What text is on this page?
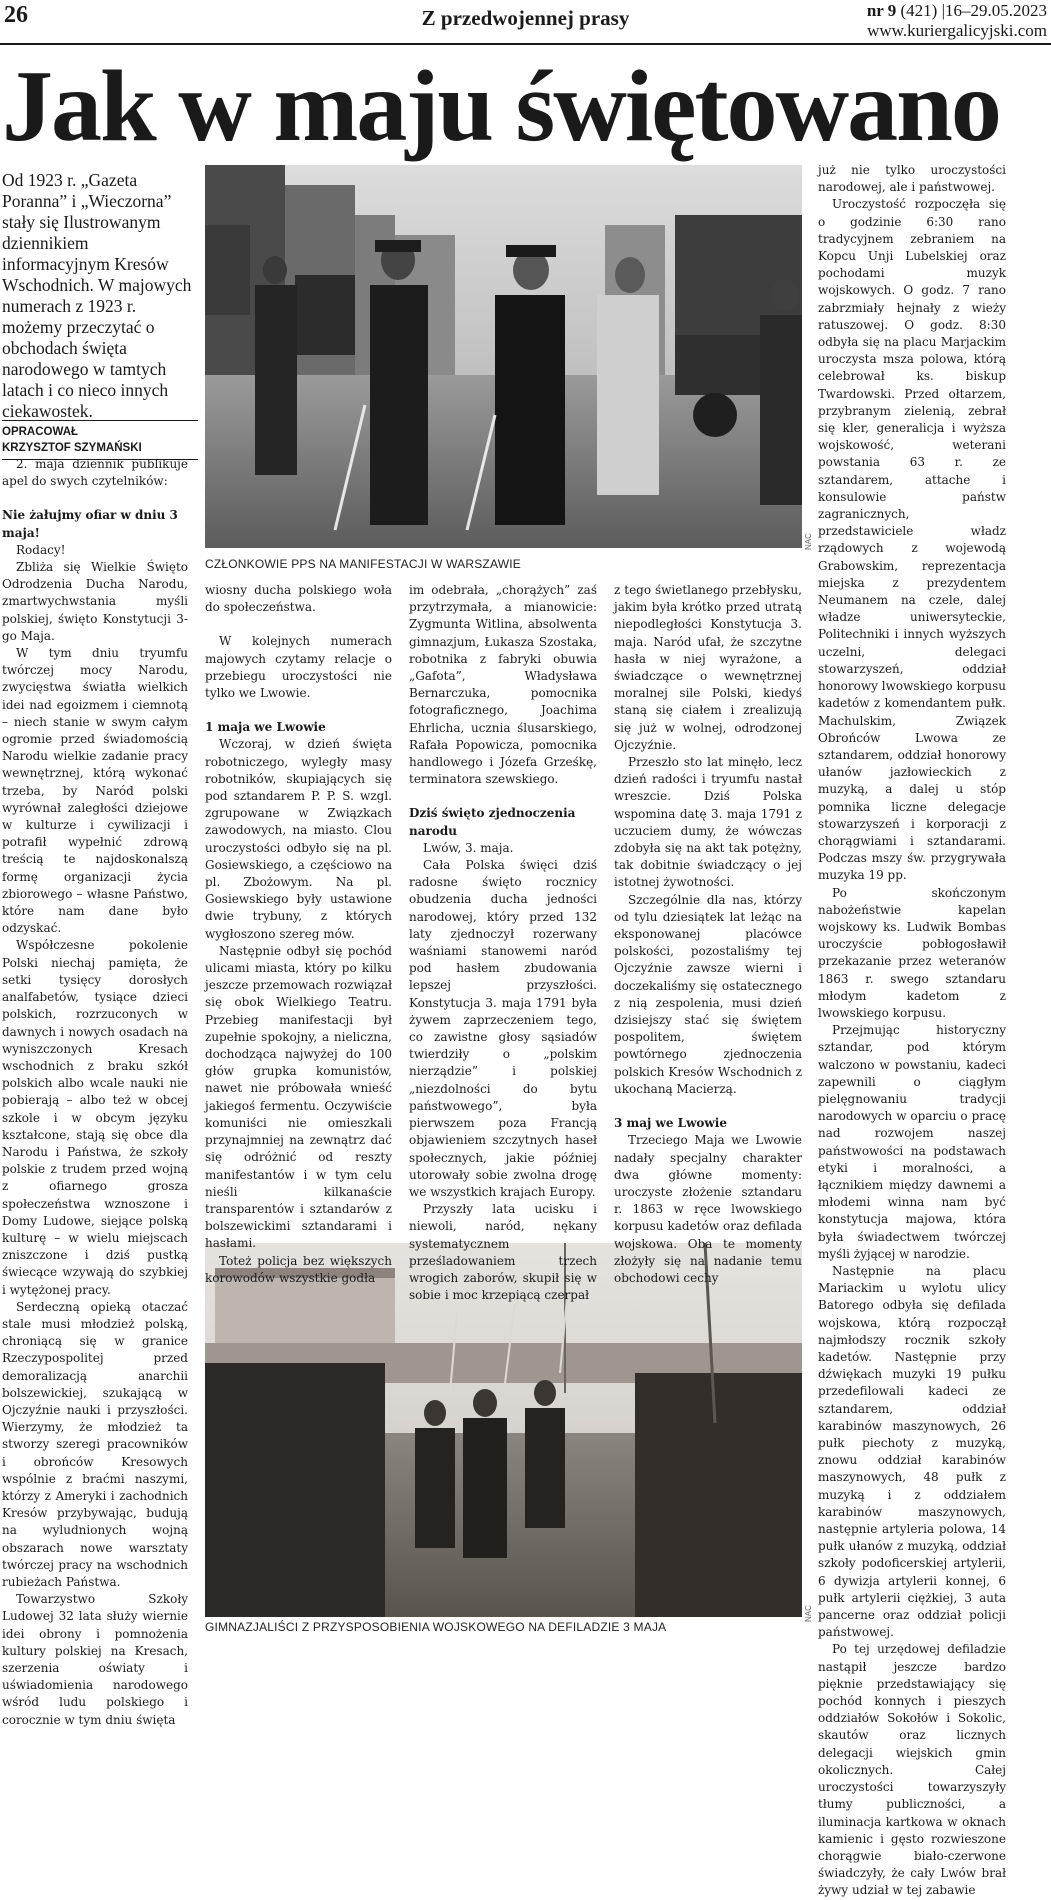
26	Z przedwojennej prasy	nr 9 (421) |16–29.05.2023
www.kuriergalicyjski.com
Jak w maju świętowano

Od 1923 r. „Gazeta Poranna” i „Wieczorna” stały się Ilustrowanym dziennikiem informacyjnym Kresów Wschodnich. W majowych numerach z 1923 r. możemy przeczytać o obchodach święta narodowego w tamtych latach i co nieco innych ciekawostek.

OPRACOWAŁ
KRZYSZTOF SZYMAŃSKI
NAC
CZŁONKOWIE PPS NA MANIFESTACJI W WARSZAWIE
NAC
GIMNAZJALIŚCI Z PRZYSPOSOBIENIA WOJSKOWEGO NA DEFILADZIE 3 MAJA

2. maja dziennik publikuje apel do swych czytelników:

Nie żałujmy ofiar w dniu 3 maja!

Rodacy!

Zbliża się Wielkie Święto Odrodzenia Ducha Narodu, zmartwychwstania myśli polskiej, święto Konstytucji 3-go Maja.

W tym dniu tryumfu twórczej mocy Narodu, zwycięstwa światła wielkich idei nad egoizmem i ciemnotą – niech stanie w swym całym ogromie przed świadomością Narodu wielkie zadanie pracy wewnętrznej, którą wykonać trzeba, by Naród polski wyrównał zaległości dziejowe w kulturze i cywilizacji i potrafił wypełnić zdrową treścią te najdoskonalszą formę organizacji życia zbiorowego – własne Państwo, które nam dane było odzyskać.

Współczesne pokolenie Polski niechaj pamięta, że setki tysięcy dorosłych analfabetów, tysiące dzieci polskich, rozrzuconych w dawnych i nowych osadach na wyniszczonych Kresach wschodnich z braku szkół polskich albo wcale nauki nie pobierają – albo też w obcej szkole i w obcym języku kształcone, stają się obce dla Narodu i Państwa, że szkoły polskie z trudem przed wojną z ofiarnego grosza społeczeństwa wznoszone i Domy Ludowe, siejące polską kulturę – w wielu miejscach zniszczone i dziś pustką świecące wzywają do szybkiej i wytężonej pracy.

Serdeczną opieką otaczać stale musi młodzież polską, chroniącą się w granice Rzeczypospolitej przed demoralizacją anarchii bolszewickiej, szukającą w Ojczyźnie nauki i przyszłości. Wierzymy, że młodzież ta stworzy szeregi pracowników i obrońców Kresowych wspólnie z braćmi naszymi, którzy z Ameryki i zachodnich Kresów przybywając, budują na wyludnionych wojną obszarach nowe warsztaty twórczej pracy na wschodnich rubieżach Państwa.

Towarzystwo Szkoły Ludowej 32 lata służy wiernie idei obrony i pomnożenia kultury polskiej na Kresach, szerzenia oświaty i uświadomienia narodowego wśród ludu polskiego i corocznie w tym dniu święta

wiosny ducha polskiego woła do społeczeństwa.

W kolejnych numerach majowych czytamy relacje o przebiegu uroczystości nie tylko we Lwowie.

1 maja we Lwowie

Wczoraj, w dzień święta robotniczego, wyległy masy robotników, skupiających się pod sztandarem P. P. S. wzgl. zgrupowane w Związkach zawodowych, na miasto. Clou uroczystości odbyło się na pl. Gosiewskiego, a częściowo na pl. Zbożowym. Na pl. Gosiewskiego były ustawione dwie trybuny, z których wygłoszono szereg mów.

Następnie odbył się pochód ulicami miasta, który po kilku jeszcze przemowach rozwiązał się obok Wielkiego Teatru. Przebieg manifestacji był zupełnie spokojny, a nieliczna, dochodząca najwyżej do 100 głów grupka komunistów, nawet nie próbowała wnieść jakiegoś fermentu. Oczywiście komuniści nie omieszkali przynajmniej na zewnątrz dać się odróżnić od reszty manifestantów i w tym celu nieśli kilkanaście transparentów i sztandarów z bolszewickimi sztandarami i hasłami.

Toteż policja bez większych korowodów wszystkie godła

im odebrała, „chorążych” zaś przytrzymała, a mianowicie: Zygmunta Witlina, absolwenta gimnazjum, Łukasza Szostaka, robotnika z fabryki obuwia „Gafota”, Władysława Bernarczuka, pomocnika fotograficznego, Joachima Ehrlicha, ucznia ślusarskiego, Rafała Popowicza, pomocnika handlowego i Józefa Grześkę, terminatora szewskiego.

Dziś święto zjednoczenia narodu

Lwów, 3. maja.

Cała Polska święci dziś radosne święto rocznicy obudzenia ducha jedności narodowej, który przed 132 laty zjednoczył rozerwany waśniami stanowemi naród pod hasłem zbudowania lepszej przyszłości. Konstytucja 3. maja 1791 była żywem zaprzeczeniem tego, co zawistne głosy sąsiadów twierdziły o „polskim nierządzie” i polskiej „niezdolności do bytu państwowego”, była pierwszem poza Francją objawieniem szczytnych haseł społecznych, jakie później utorowały sobie zwolna drogę we wszystkich krajach Europy.

Przyszły lata ucisku i niewoli, naród, nękany systematycznem prześladowaniem trzech wrogich zaborów, skupił się w sobie i moc krzepiącą czerpał

z tego świetlanego przebłysku, jakim była krótko przed utratą niepodległości Konstytucja 3. maja. Naród ufał, że szczytne hasła w niej wyrażone, a świadczące o wewnętrznej moralnej sile Polski, kiedyś staną się ciałem i zrealizują się już w wolnej, odrodzonej Ojczyźnie.

Przeszło sto lat minęło, lecz dzień radości i tryumfu nastał wreszcie. Dziś Polska wspomina datę 3. maja 1791 z uczuciem dumy, że wówczas zdobyła się na akt tak potężny, tak dobitnie świadczący o jej istotnej żywotności.

Szczególnie dla nas, którzy od tylu dziesiątek lat leżąc na eksponowanej placówce polskości, pozostaliśmy tej Ojczyźnie zawsze wierni i doczekaliśmy się ostatecznego z nią zespolenia, musi dzień dzisiejszy stać się świętem pospolitem, świętem powtórnego zjednoczenia polskich Kresów Wschodnich z ukochaną Macierzą.

3 maj we Lwowie

Trzeciego Maja we Lwowie nadały specjalny charakter dwa główne momenty: uroczyste złożenie sztandaru r. 1863 w ręce lwowskiego korpusu kadetów oraz defilada wojskowa. Oba te momenty złożyły się na nadanie temu obchodowi cechy

już nie tylko uroczystości narodowej, ale i państwowej.

Uroczystość rozpoczęła się o godzinie 6:30 rano tradycyjnem zebraniem na Kopcu Unji Lubelskiej oraz pochodami muzyk wojskowych. O godz. 7 rano zabrzmiały hejnały z wieży ratuszowej. O godz. 8:30 odbyła się na placu Marjackim uroczysta msza polowa, którą celebrował ks. biskup Twardowski. Przed ołtarzem, przybranym zielenią, zebrał się kler, generalicja i wyższa wojskowość, weterani powstania 63 r. ze sztandarem, attache i konsulowie państw zagranicznych, przedstawiciele władz rządowych z wojewodą Grabowskim, reprezentacja miejska z prezydentem Neumanem na czele, dalej władze uniwersyteckie, Politechniki i innych wyższych uczelni, delegaci stowarzyszeń, oddział honorowy lwowskiego korpusu kadetów z komendantem pułk. Machulskim, Związek Obrońców Lwowa ze sztandarem, oddział honorowy ułanów jazłowieckich z muzyką, a dalej u stóp pomnika liczne delegacje stowarzyszeń i korporacji z chorągwiami i sztandarami. Podczas mszy św. przygrywała muzyka 19 pp.

Po skończonym nabożeństwie kapelan wojskowy ks. Ludwik Bombas uroczyście pobłogosławił przekazanie przez weteranów 1863 r. swego sztandaru młodym kadetom z lwowskiego korpusu.

Przejmując historyczny sztandar, pod którym walczono w powstaniu, kadeci zapewnili o ciągłym pielęgnowaniu tradycji narodowych w oparciu o pracę nad rozwojem naszej państwowości na podstawach etyki i moralności, a łącznikiem między dawnemi a młodemi winna nam być konstytucja majowa, która była świadectwem twórczej myśli żyjącej w narodzie.

Następnie na placu Mariackim u wylotu ulicy Batorego odbyła się defilada wojskowa, którą rozpoczął najmłodszy rocznik szkoły kadetów. Następnie przy dźwiękach muzyki 19 pułku przedefilowali kadeci ze sztandarem, oddział karabinów maszynowych, 26 pułk piechoty z muzyką, znowu oddział karabinów maszynowych, 48 pułk z muzyką i z oddziałem karabinów maszynowych, następnie artyleria polowa, 14 pułk ułanów z muzyką, oddział szkoły podoficerskiej artylerii, 6 dywizja artylerii konnej, 6 pułk artylerii ciężkiej, 3 auta pancerne oraz oddział policji państwowej.

Po tej urzędowej defiladzie nastąpił jeszcze bardzo pięknie przedstawiający się pochód konnych i pieszych oddziałów Sokołów i Sokolic, skautów oraz licznych delegacji wiejskich gmin okolicznych. Całej uroczystości towarzyszyły tłumy publiczności, a iluminacja kartkowa w oknach kamienic i gęsto rozwieszone chorągwie biało-czerwone świadczyły, że cały Lwów brał żywy udział w tej zabawie
